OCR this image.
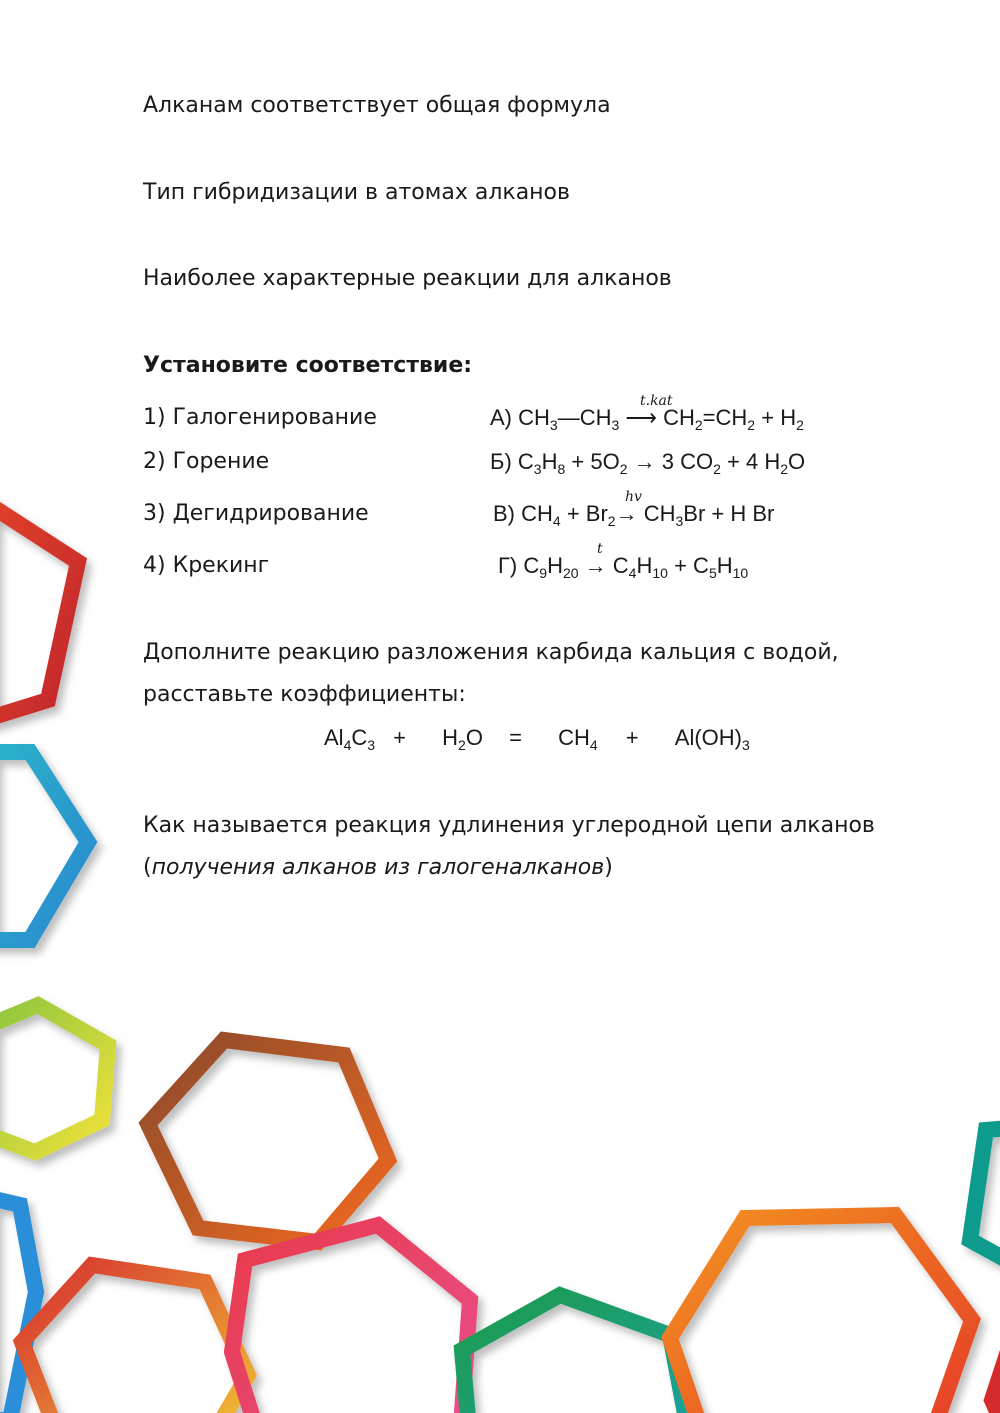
Алканам соответствует общая формула
Тип гибридизации в атомах алканов
Наиболее характерные реакции для алканов
Установите соответствие:
1) Галогенирование
2) Горение
3) Дегидрирование
4) Крекинг
А) $CH_3—CH_3$ ⟶ $CH_2=CH_2 + H_2$
t.kat
Б) $C_3H_8 + 5O_2 \to 3$ $CO_2 + 4$ $H_2O$
В) $CH_4 + Br_2\to CH_3Br + H$ Br
hv
Г) $C_9H_{20} \to C_4H_{10} + C_5H_{10}$
t
Дополните реакцию разложения карбида кальция с водой,
расставьте коэффициенты:
$Al_4C_3 + H_2O = CH_4 + Al(OH)_3$
Как называется реакция удлинения углеродной цепи алканов
(получения алканов из галогеналканов)
